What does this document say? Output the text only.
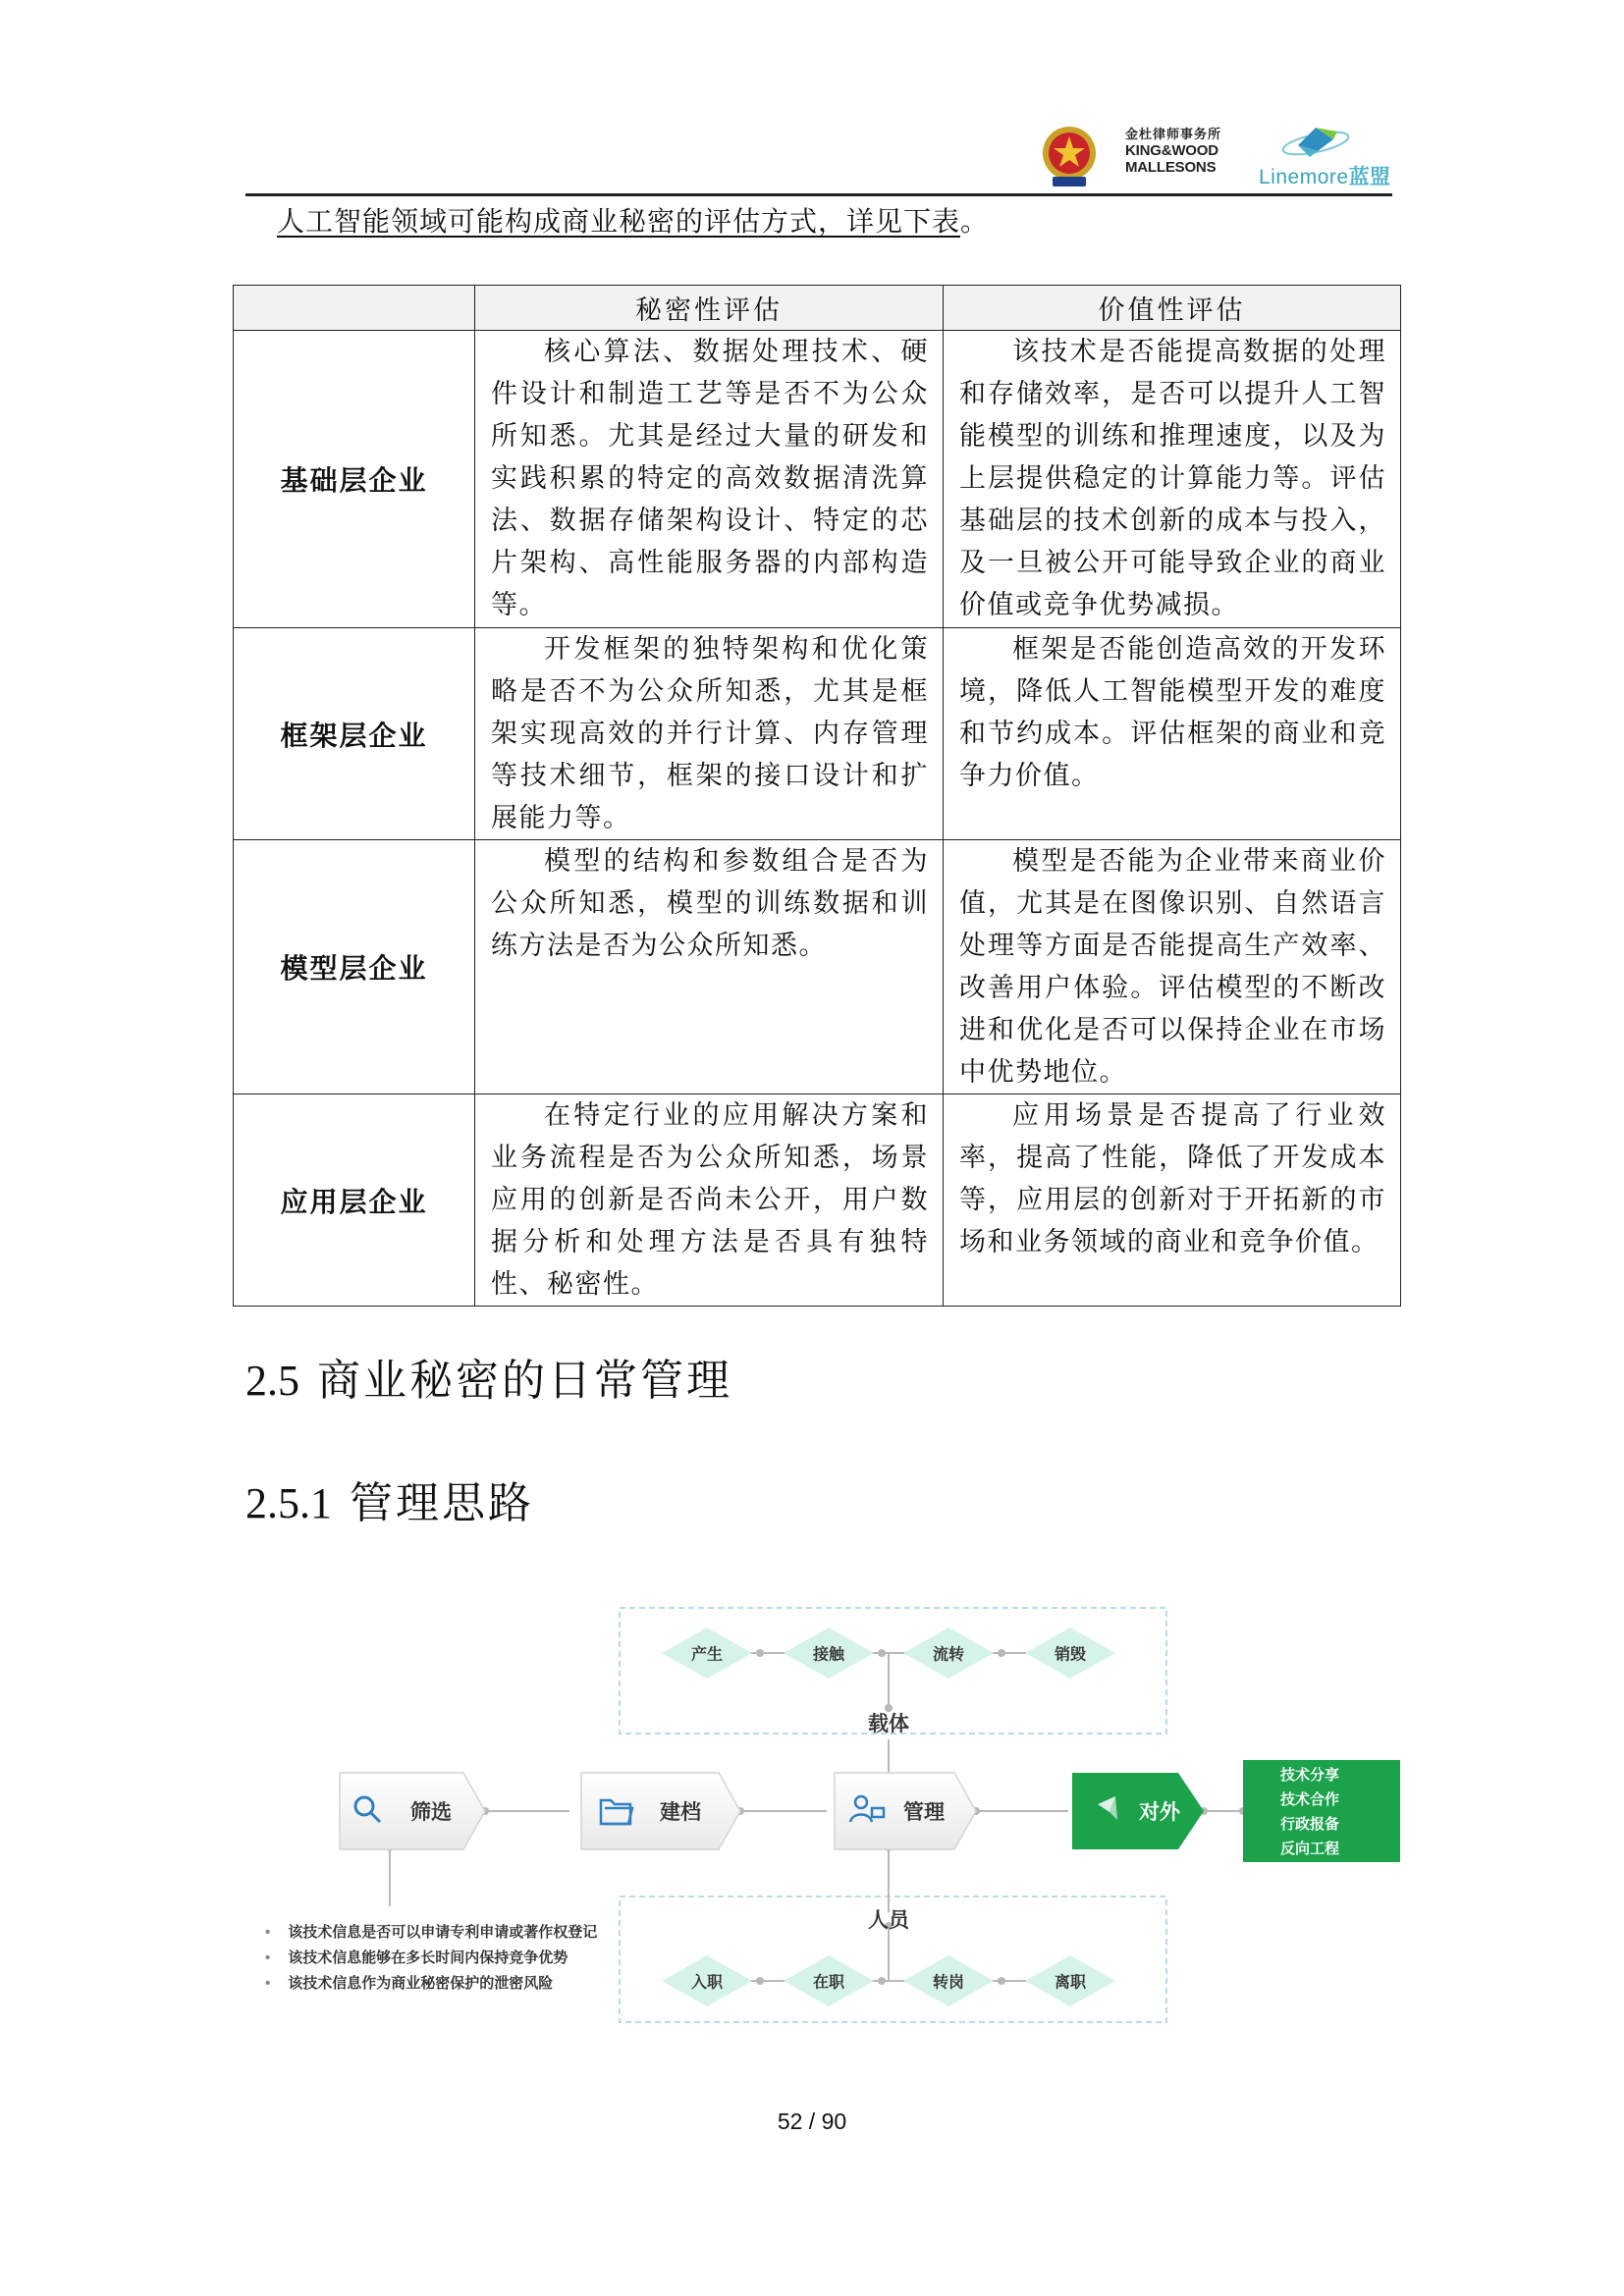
金杜律师事务所
KING&WOOD
MALLESONS Linemore蓝盟
人工智能领域可能构成商业秘密的评估方式，详见下表。
	秘密性评估	价值性评估
基础层企业	核心算法、数据处理技术、硬件设计和制造工艺等是否不为公众所知悉。尤其是经过大量的研发和实践积累的特定的高效数据清洗算法、数据存储架构设计、特定的芯片架构、高性能服务器的内部构造等。	该技术是否能提高数据的处理和存储效率，是否可以提升人工智能模型的训练和推理速度，以及为上层提供稳定的计算能力等。评估基础层的技术创新的成本与投入，及一旦被公开可能导致企业的商业价值或竞争优势减损。
框架层企业	开发框架的独特架构和优化策略是否不为公众所知悉，尤其是框架实现高效的并行计算、内存管理等技术细节，框架的接口设计和扩展能力等。	框架是否能创造高效的开发环境，降低人工智能模型开发的难度和节约成本。评估框架的商业和竞争力价值。
模型层企业	模型的结构和参数组合是否为公众所知悉，模型的训练数据和训练方法是否为公众所知悉。	模型是否能为企业带来商业价值，尤其是在图像识别、自然语言处理等方面是否能提高生产效率、改善用户体验。评估模型的不断改进和优化是否可以保持企业在市场中优势地位。
应用层企业	在特定行业的应用解决方案和业务流程是否为公众所知悉，场景应用的创新是否尚未公开，用户数据分析和处理方法是否具有独特性、秘密性。	应用场景是否提高了行业效率，提高了性能，降低了开发成本等，应用层的创新对于开拓新的市场和业务领域的商业和竞争价值。
2.5 商业秘密的日常管理
2.5.1 管理思路
产生	接触	流转	销毁
载体
入职	在职	转岗	离职
人员
筛选	建档	管理	对外
技术分享
技术合作
行政报备
反向工程
• 该技术信息是否可以申请专利申请或著作权登记
• 该技术信息能够在多长时间内保持竞争优势
• 该技术信息作为商业秘密保护的泄密风险
52 / 90
